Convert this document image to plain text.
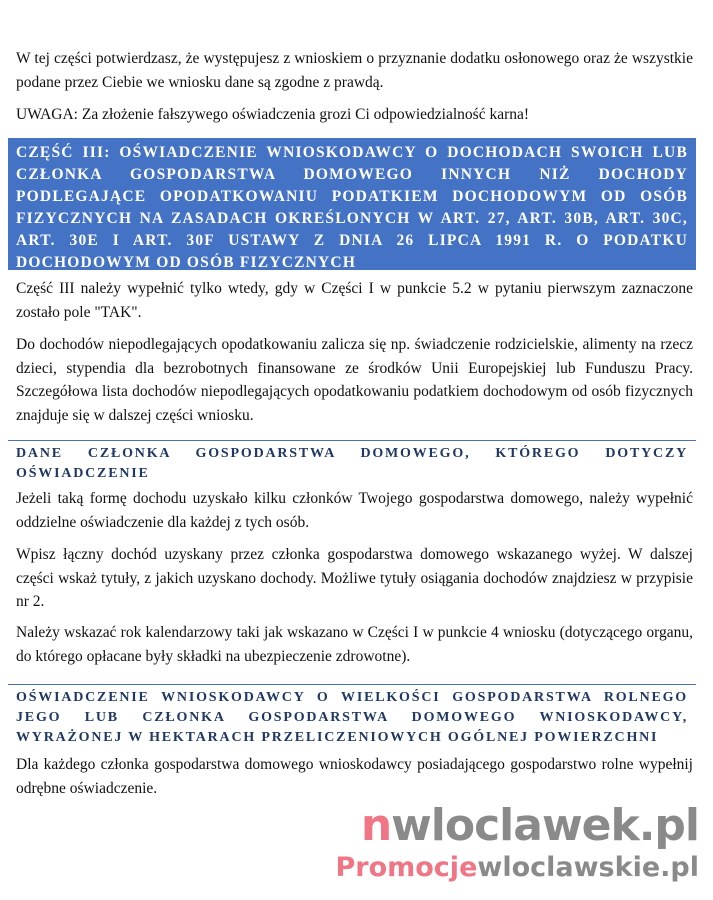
W tej części potwierdzasz, że występujesz z wnioskiem o przyznanie dodatku osłonowego oraz że wszystkie podane przez Ciebie we wniosku dane są zgodne z prawdą.

UWAGA: Za złożenie fałszywego oświadczenia grozi Ci odpowiedzialność karna!

CZĘŚĆ III: OŚWIADCZENIE WNIOSKODAWCY O DOCHODACH SWOICH LUB CZŁONKA GOSPODARSTWA DOMOWEGO INNYCH NIŻ DOCHODY PODLEGAJĄCE OPODATKOWANIU PODATKIEM DOCHODOWYM OD OSÓB FIZYCZNYCH NA ZASADACH OKREŚLONYCH W ART. 27, ART. 30B, ART. 30C, ART. 30E I ART. 30F USTAWY Z DNIA 26 LIPCA 1991 R. O PODATKU DOCHODOWYM OD OSÓB FIZYCZNYCH

Część III należy wypełnić tylko wtedy, gdy w Części I w punkcie 5.2 w pytaniu pierwszym zaznaczone zostało pole "TAK".

Do dochodów niepodlegających opodatkowaniu zalicza się np. świadczenie rodzicielskie, alimenty na rzecz dzieci, stypendia dla bezrobotnych finansowane ze środków Unii Europejskiej lub Funduszu Pracy. Szczegółowa lista dochodów niepodlegających opodatkowaniu podatkiem dochodowym od osób fizycznych znajduje się w dalszej części wniosku.

DANE CZŁONKA GOSPODARSTWA DOMOWEGO, KTÓREGO DOTYCZY OŚWIADCZENIE

Jeżeli taką formę dochodu uzyskało kilku członków Twojego gospodarstwa domowego, należy wypełnić oddzielne oświadczenie dla każdej z tych osób.

Wpisz łączny dochód uzyskany przez członka gospodarstwa domowego wskazanego wyżej. W dalszej części wskaż tytuły, z jakich uzyskano dochody. Możliwe tytuły osiągania dochodów znajdziesz w przypisie nr 2.

Należy wskazać rok kalendarzowy taki jak wskazano w Części I w punkcie 4 wniosku (dotyczącego organu, do którego opłacane były składki na ubezpieczenie zdrowotne).

OŚWIADCZENIE WNIOSKODAWCY O WIELKOŚCI GOSPODARSTWA ROLNEGO JEGO LUB CZŁONKA GOSPODARSTWA DOMOWEGO WNIOSKODAWCY, WYRAŻONEJ W HEKTARACH PRZELICZENIOWYCH OGÓLNEJ POWIERZCHNI

Dla każdego członka gospodarstwa domowego wnioskodawcy posiadającego gospodarstwo rolne wypełnij odrębne oświadczenie.

nwloclawek.pl
Promocjewloclawskie.pl
